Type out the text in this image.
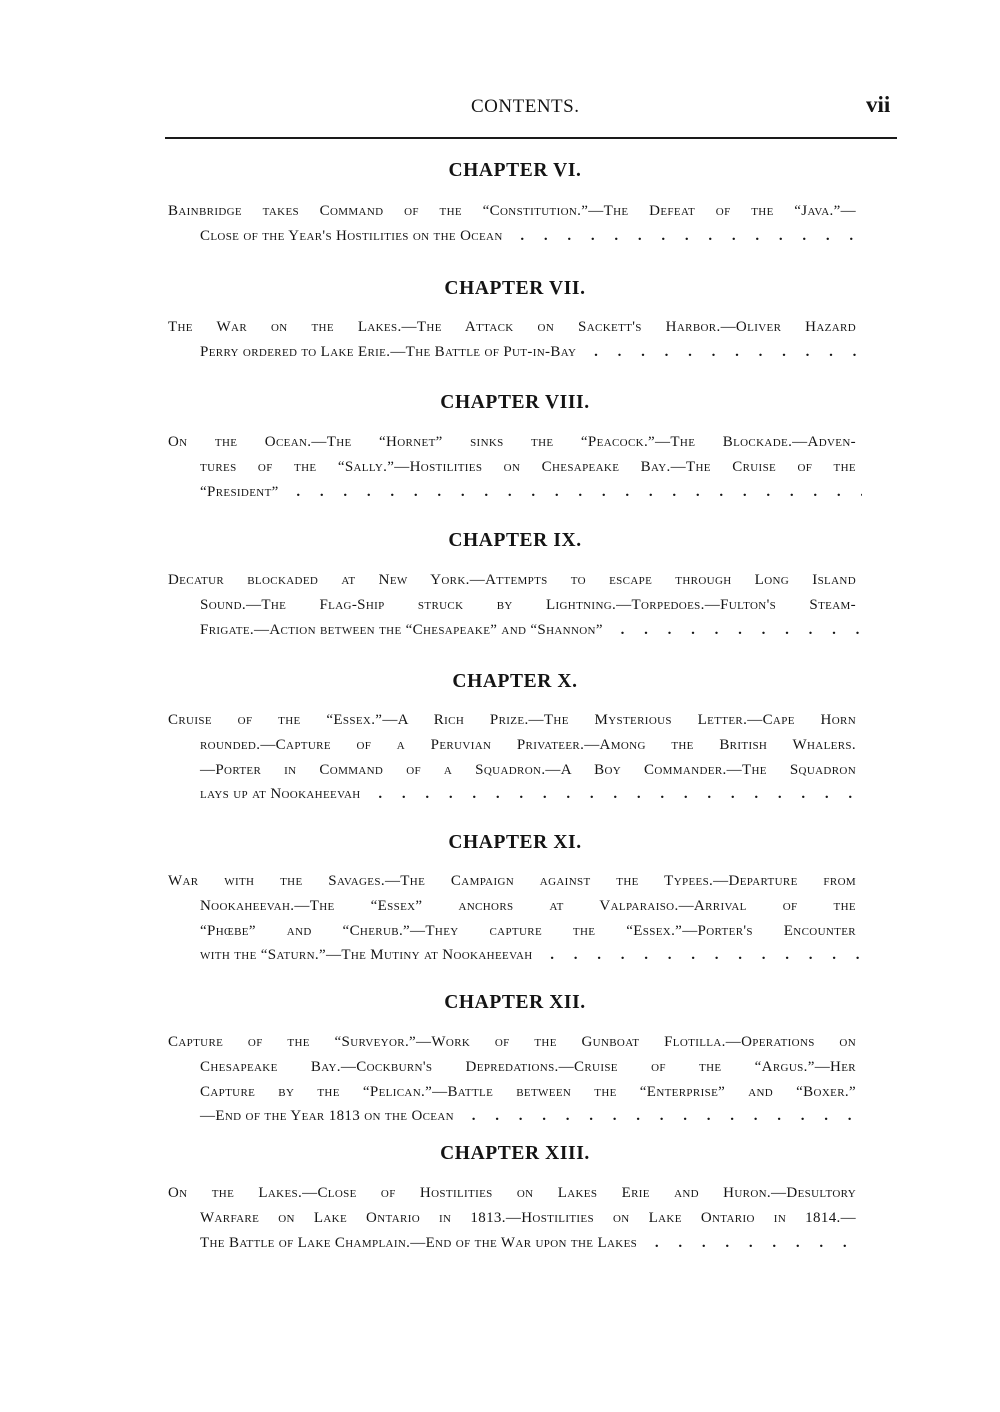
CONTENTS.	vii
CHAPTER VI.
Bainbridge takes Command of the “Constitution.”—The Defeat of the “Java.”—
Close of the Year's Hostilities on the Ocean . .
CHAPTER VII.
The War on the Lakes.—The Attack on Sackett's Harbor.—Oliver Hazard
Perry ordered to Lake Erie.—The Battle of Put-in-Bay . .
CHAPTER VIII.
On the Ocean.—The “Hornet” sinks the “Peacock.”—The Blockade.—Adven-
tures of the “Sally.”—Hostilities on Chesapeake Bay.—The Cruise of the
“President” . .
CHAPTER IX.
Decatur blockaded at New York.—Attempts to escape through Long Island
Sound.—The Flag-Ship struck by Lightning.—Torpedoes.—Fulton's Steam-
Frigate.—Action between the “Chesapeake” and “Shannon” . .
CHAPTER X.
Cruise of the “Essex.”—A Rich Prize.—The Mysterious Letter.—Cape Horn
rounded.—Capture of a Peruvian Privateer.—Among the British Whalers.
—Porter in Command of a Squadron.—A Boy Commander.—The Squadron
lays up at Nookaheevah . .
CHAPTER XI.
War with the Savages.—The Campaign against the Typees.—Departure from
Nookaheevah.—The “Essex” anchors at Valparaiso.—Arrival of the
“Phœbe” and “Cherub.”—They capture the “Essex.”—Porter's Encounter
with the “Saturn.”—The Mutiny at Nookaheevah . .
CHAPTER XII.
Capture of the “Surveyor.”—Work of the Gunboat Flotilla.—Operations on
Chesapeake Bay.—Cockburn's Depredations.—Cruise of the “Argus.”—Her
Capture by the “Pelican.”—Battle between the “Enterprise” and “Boxer.”
—End of the Year 1813 on the Ocean . .
CHAPTER XIII.
On the Lakes.—Close of Hostilities on Lakes Erie and Huron.—Desultory
Warfare on Lake Ontario in 1813.—Hostilities on Lake Ontario in 1814.—
The Battle of Lake Champlain.—End of the War upon the Lakes . .
